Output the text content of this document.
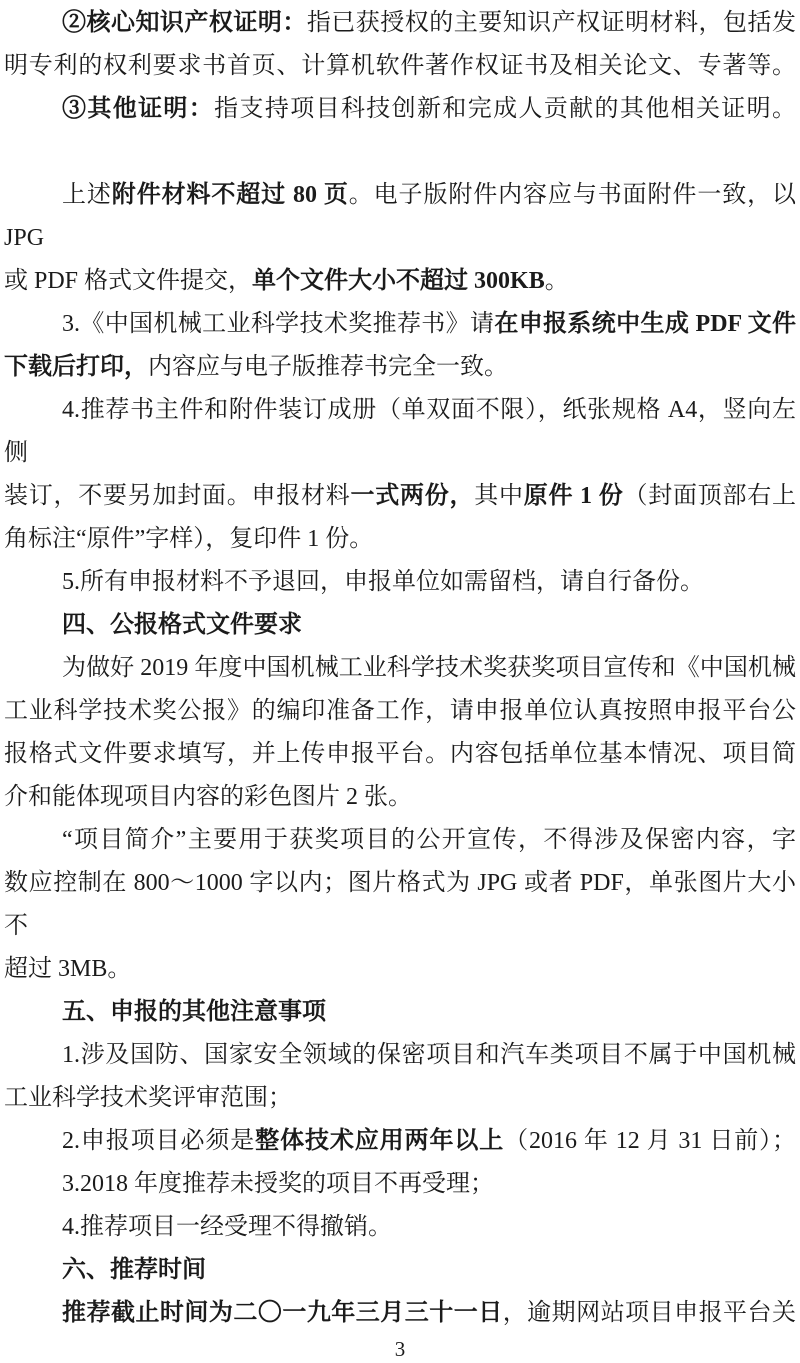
②核心知识产权证明：指已获授权的主要知识产权证明材料，包括发
明专利的权利要求书首页、计算机软件著作权证书及相关论文、专著等。
③其他证明：指支持项目科技创新和完成人贡献的其他相关证明。
上述附件材料不超过 80 页。电子版附件内容应与书面附件一致，以 JPG
或 PDF 格式文件提交，单个文件大小不超过 300KB。
3.《中国机械工业科学技术奖推荐书》请在申报系统中生成 PDF 文件
下载后打印，内容应与电子版推荐书完全一致。
4.推荐书主件和附件装订成册（单双面不限），纸张规格 A4，竖向左侧
装订，不要另加封面。申报材料一式两份，其中原件 1 份（封面顶部右上
角标注“原件”字样），复印件 1 份。
5.所有申报材料不予退回，申报单位如需留档，请自行备份。
四、公报格式文件要求
为做好 2019 年度中国机械工业科学技术奖获奖项目宣传和《中国机械
工业科学技术奖公报》的编印准备工作，请申报单位认真按照申报平台公
报格式文件要求填写，并上传申报平台。内容包括单位基本情况、项目简
介和能体现项目内容的彩色图片 2 张。
“项目简介”主要用于获奖项目的公开宣传，不得涉及保密内容，字
数应控制在 800～1000 字以内；图片格式为 JPG 或者 PDF，单张图片大小不
超过 3MB。
五、申报的其他注意事项
1.涉及国防、国家安全领域的保密项目和汽车类项目不属于中国机械
工业科学技术奖评审范围；
2.申报项目必须是整体技术应用两年以上（2016 年 12 月 31 日前）；
3.2018 年度推荐未授奖的项目不再受理；
4.推荐项目一经受理不得撤销。
六、推荐时间
推荐截止时间为二〇一九年三月三十一日，逾期网站项目申报平台关
3
